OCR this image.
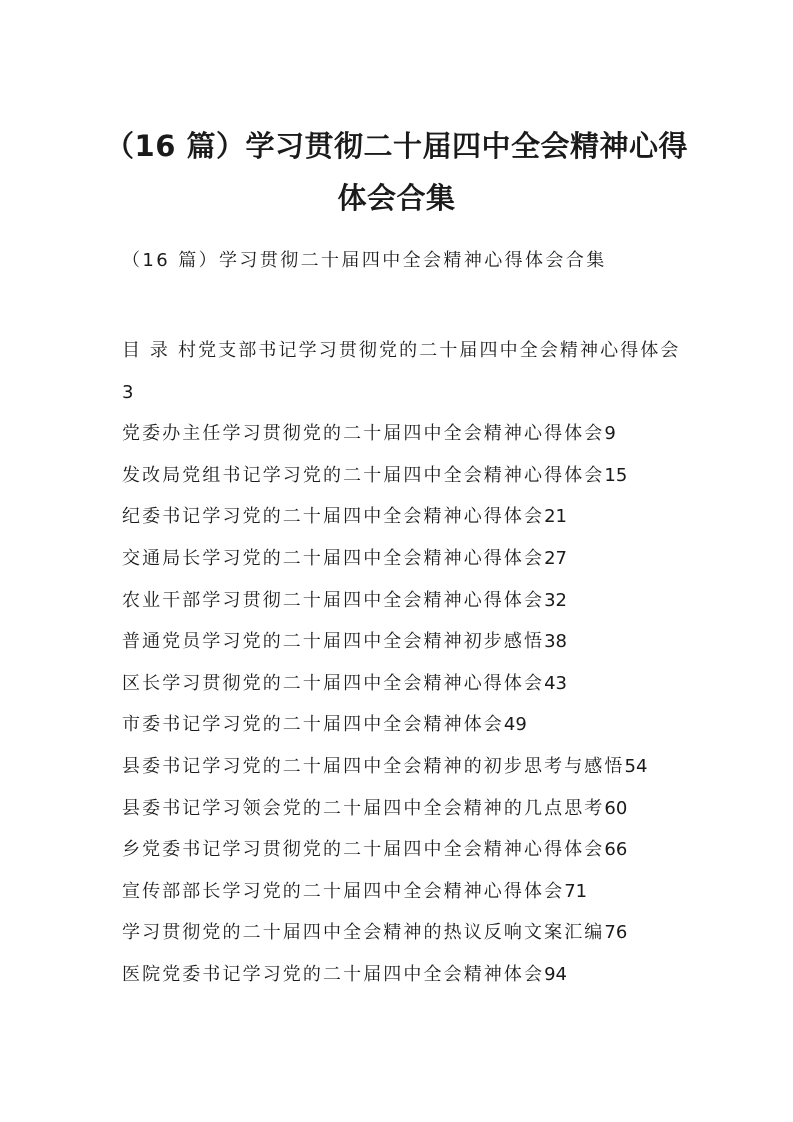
（16 篇）学习贯彻二十届四中全会精神心得体会合集

（16 篇）学习贯彻二十届四中全会精神心得体会合集

目 录 村党支部书记学习贯彻党的二十届四中全会精神心得体会3
党委办主任学习贯彻党的二十届四中全会精神心得体会9
发改局党组书记学习党的二十届四中全会精神心得体会15
纪委书记学习党的二十届四中全会精神心得体会21
交通局长学习党的二十届四中全会精神心得体会27
农业干部学习贯彻二十届四中全会精神心得体会32
普通党员学习党的二十届四中全会精神初步感悟38
区长学习贯彻党的二十届四中全会精神心得体会43
市委书记学习党的二十届四中全会精神体会49
县委书记学习党的二十届四中全会精神的初步思考与感悟54
县委书记学习领会党的二十届四中全会精神的几点思考60
乡党委书记学习贯彻党的二十届四中全会精神心得体会66
宣传部部长学习党的二十届四中全会精神心得体会71
学习贯彻党的二十届四中全会精神的热议反响文案汇编76
医院党委书记学习党的二十届四中全会精神体会94
